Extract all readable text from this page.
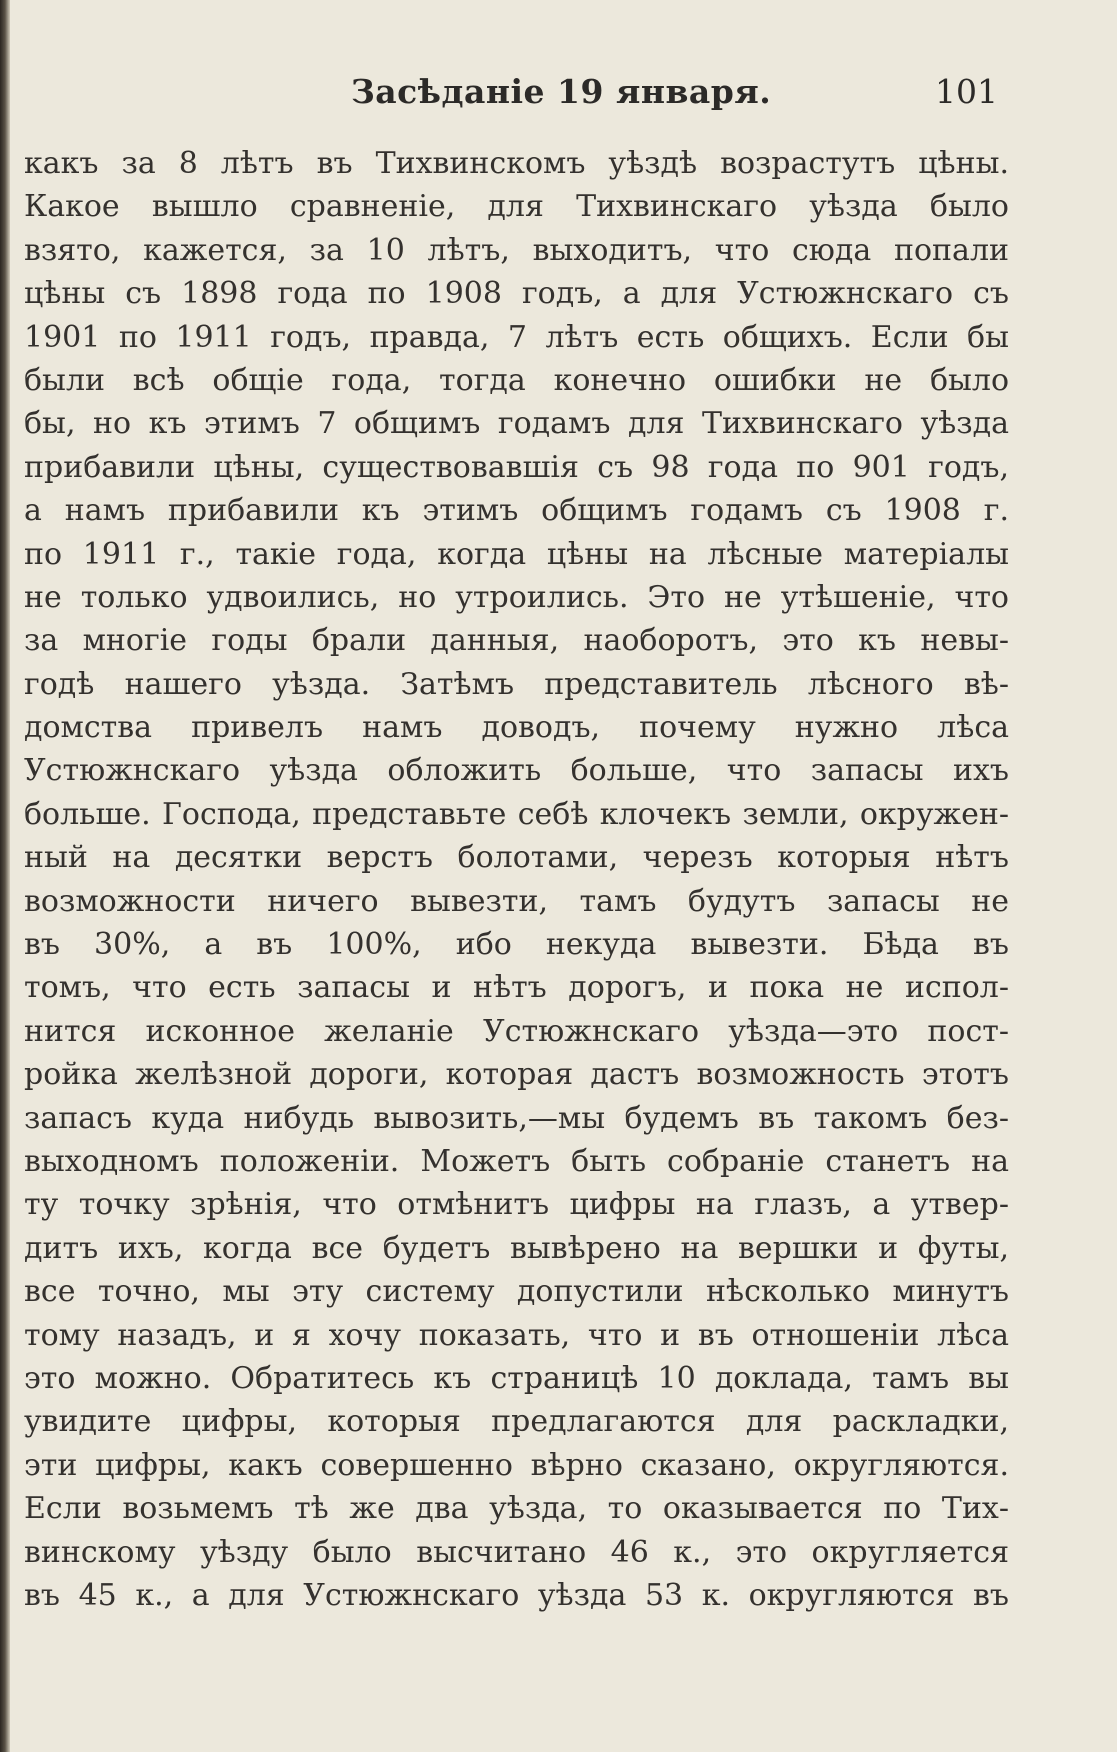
Засѣданіе 19 января.	101
какъ за 8 лѣтъ въ Тихвинскомъ уѣздѣ возрастутъ цѣны.
Какое вышло сравненіе, для Тихвинскаго уѣзда было
взято, кажется, за 10 лѣтъ, выходитъ, что сюда попали
цѣны съ 1898 года по 1908 годъ, а для Устюжнскаго съ
1901 по 1911 годъ, правда, 7 лѣтъ есть общихъ. Если бы
были всѣ общіе года, тогда конечно ошибки не было
бы, но къ этимъ 7 общимъ годамъ для Тихвинскаго уѣзда
прибавили цѣны, существовавшія съ 98 года по 901 годъ,
а намъ прибавили къ этимъ общимъ годамъ съ 1908 г.
по 1911 г., такіе года, когда цѣны на лѣсные матеріалы
не только удвоились, но утроились. Это не утѣшеніе, что
за многіе годы брали данныя, наоборотъ, это къ невы-
годѣ нашего уѣзда. Затѣмъ представитель лѣсного вѣ-
домства привелъ намъ доводъ, почему нужно лѣса
Устюжнскаго уѣзда обложить больше, что запасы ихъ
больше. Господа, представьте себѣ клочекъ земли, окружен-
ный на десятки верстъ болотами, черезъ которыя нѣтъ
возможности ничего вывезти, тамъ будутъ запасы не
въ 30%, а въ 100%, ибо некуда вывезти. Бѣда въ
томъ, что есть запасы и нѣтъ дорогъ, и пока не испол-
нится исконное желаніе Устюжнскаго уѣзда—это пост-
ройка желѣзной дороги, которая дастъ возможность этотъ
запасъ куда нибудь вывозить,—мы будемъ въ такомъ без-
выходномъ положеніи. Можетъ быть собраніе станетъ на
ту точку зрѣнія, что отмѣнитъ цифры на глазъ, а утвер-
дитъ ихъ, когда все будетъ вывѣрено на вершки и футы,
все точно, мы эту систему допустили нѣсколько минутъ
тому назадъ, и я хочу показать, что и въ отношеніи лѣса
это можно. Обратитесь къ страницѣ 10 доклада, тамъ вы
увидите цифры, которыя предлагаются для раскладки,
эти цифры, какъ совершенно вѣрно сказано, округляются.
Если возьмемъ тѣ же два уѣзда, то оказывается по Тих-
винскому уѣзду было высчитано 46 к., это округляется
въ 45 к., а для Устюжнскаго уѣзда 53 к. округляются въ
